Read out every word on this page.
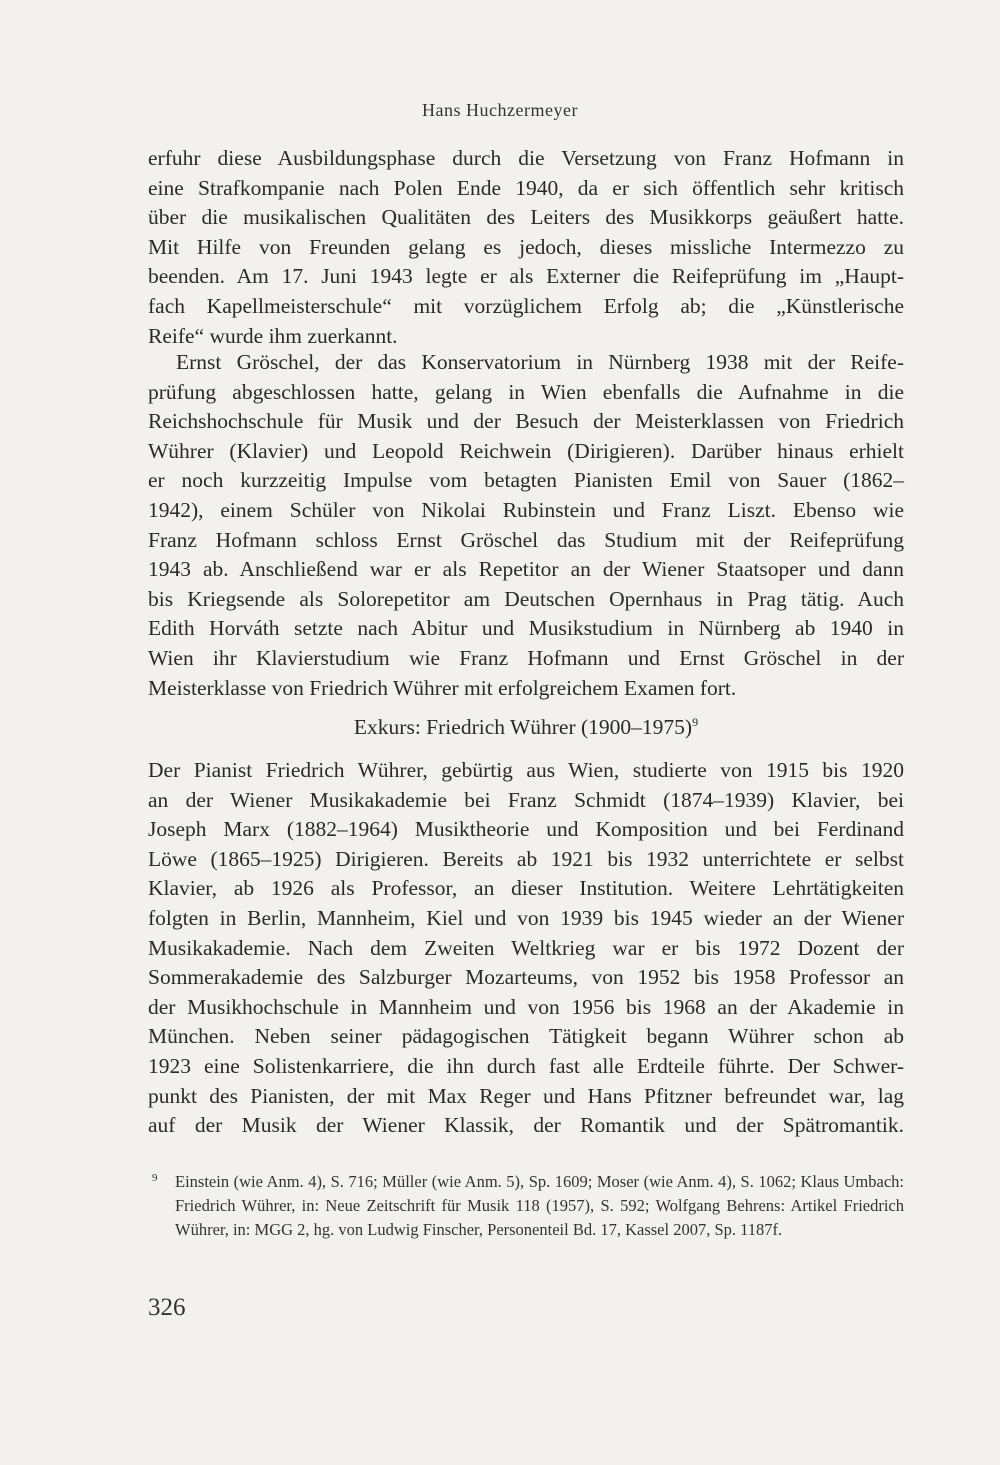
Hans Huchzermeyer
erfuhr diese Ausbildungsphase durch die Versetzung von Franz Hofmann in
eine Strafkompanie nach Polen Ende 1940, da er sich öffentlich sehr kritisch
über die musikalischen Qualitäten des Leiters des Musikkorps geäußert hatte.
Mit Hilfe von Freunden gelang es jedoch, dieses missliche Intermezzo zu
beenden. Am 17. Juni 1943 legte er als Externer die Reifeprüfung im „Haupt-
fach Kapellmeisterschule“ mit vorzüglichem Erfolg ab; die „Künstlerische
Reife“ wurde ihm zuerkannt.
Ernst Gröschel, der das Konservatorium in Nürnberg 1938 mit der Reife-
prüfung abgeschlossen hatte, gelang in Wien ebenfalls die Aufnahme in die
Reichshochschule für Musik und der Besuch der Meisterklassen von Friedrich
Wührer (Klavier) und Leopold Reichwein (Dirigieren). Darüber hinaus erhielt
er noch kurzzeitig Impulse vom betagten Pianisten Emil von Sauer (1862–
1942), einem Schüler von Nikolai Rubinstein und Franz Liszt. Ebenso wie
Franz Hofmann schloss Ernst Gröschel das Studium mit der Reifeprüfung
1943 ab. Anschließend war er als Repetitor an der Wiener Staatsoper und dann
bis Kriegsende als Solorepetitor am Deutschen Opernhaus in Prag tätig. Auch
Edith Horváth setzte nach Abitur und Musikstudium in Nürnberg ab 1940 in
Wien ihr Klavierstudium wie Franz Hofmann und Ernst Gröschel in der
Meisterklasse von Friedrich Wührer mit erfolgreichem Examen fort.
Exkurs: Friedrich Wührer (1900–1975)$^9$
Der Pianist Friedrich Wührer, gebürtig aus Wien, studierte von 1915 bis 1920
an der Wiener Musikakademie bei Franz Schmidt (1874–1939) Klavier, bei
Joseph Marx (1882–1964) Musiktheorie und Komposition und bei Ferdinand
Löwe (1865–1925) Dirigieren. Bereits ab 1921 bis 1932 unterrichtete er selbst
Klavier, ab 1926 als Professor, an dieser Institution. Weitere Lehrtätigkeiten
folgten in Berlin, Mannheim, Kiel und von 1939 bis 1945 wieder an der Wiener
Musikakademie. Nach dem Zweiten Weltkrieg war er bis 1972 Dozent der
Sommerakademie des Salzburger Mozarteums, von 1952 bis 1958 Professor an
der Musikhochschule in Mannheim und von 1956 bis 1968 an der Akademie in
München. Neben seiner pädagogischen Tätigkeit begann Wührer schon ab
1923 eine Solistenkarriere, die ihn durch fast alle Erdteile führte. Der Schwer-
punkt des Pianisten, der mit Max Reger und Hans Pfitzner befreundet war, lag
auf der Musik der Wiener Klassik, der Romantik und der Spätromantik.
9 Einstein (wie Anm. 4), S. 716; Müller (wie Anm. 5), Sp. 1609; Moser (wie Anm. 4), S. 1062; Klaus Umbach: Friedrich Wührer, in: Neue Zeitschrift für Musik 118 (1957), S. 592; Wolfgang Behrens: Artikel Friedrich Wührer, in: MGG 2, hg. von Ludwig Finscher, Personenteil Bd. 17, Kassel 2007, Sp. 1187f.
326
